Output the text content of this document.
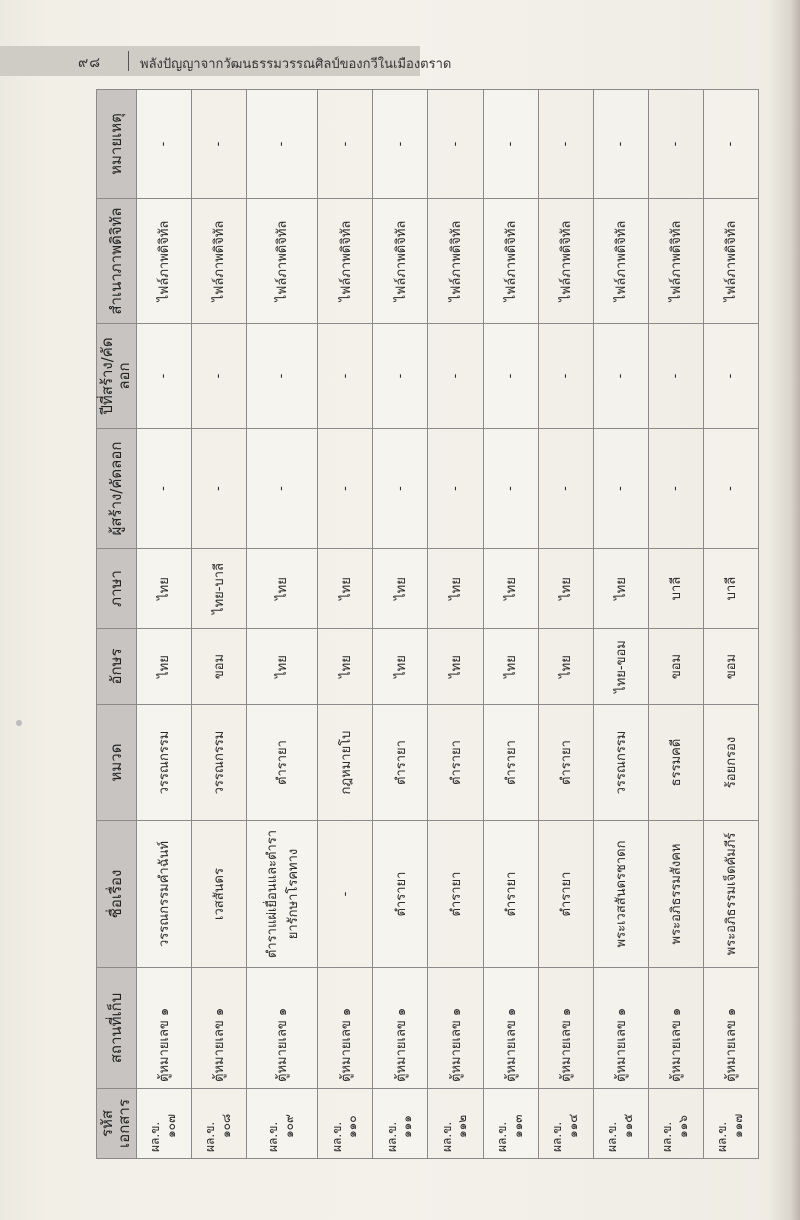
๙๘	พลังปัญญาจากวัฒนธรรมวรรณศิลป์ของกวีในเมืองตราด
รหัสเอกสาร	สถานที่เก็บ	ชื่อเรื่อง	หมวด	อักษร	ภาษา	ผู้สร้าง/คัดลอก	ปีที่สร้าง/คัดลอก	สำเนาภาพดิจิทัล	หมายเหตุ
ผล.ข. ๑๐๗	ตู้หมายเลข ๑	วรรณกรรมคำฉันท์	วรรณกรรม	ไทย	ไทย	-	-	ไฟล์ภาพดิจิทัล	-
ผล.ข. ๑๐๘	ตู้หมายเลข ๑	เวสสันดร	วรรณกรรม	ขอม	ไทย-บาลี	-	-	ไฟล์ภาพดิจิทัล	-
ผล.ข. ๑๐๙	ตู้หมายเลข ๑	ตำราแผ่เยื่อนและตำรายารักษาโรคทาง	ตำรายา	ไทย	ไทย	-	-	ไฟล์ภาพดิจิทัล	-
ผล.ข. ๑๑๐	ตู้หมายเลข ๑	-	กฎหมายโบ	ไทย	ไทย	-	-	ไฟล์ภาพดิจิทัล	-
ผล.ข. ๑๑๑	ตู้หมายเลข ๑	ตำรายา	ตำรายา	ไทย	ไทย	-	-	ไฟล์ภาพดิจิทัล	-
ผล.ข. ๑๑๒	ตู้หมายเลข ๑	ตำรายา	ตำรายา	ไทย	ไทย	-	-	ไฟล์ภาพดิจิทัล	-
ผล.ข. ๑๑๓	ตู้หมายเลข ๑	ตำรายา	ตำรายา	ไทย	ไทย	-	-	ไฟล์ภาพดิจิทัล	-
ผล.ข. ๑๑๔	ตู้หมายเลข ๑	ตำรายา	ตำรายา	ไทย	ไทย	-	-	ไฟล์ภาพดิจิทัล	-
ผล.ข. ๑๑๕	ตู้หมายเลข ๑	พระเวสสันดรชาดก	วรรณกรรม	ไทย-ขอม	ไทย	-	-	ไฟล์ภาพดิจิทัล	-
ผล.ข. ๑๑๖	ตู้หมายเลข ๑	พระอภิธรรมสังคห	ธรรมคดี	ขอม	บาลี	-	-	ไฟล์ภาพดิจิทัล	-
ผล.ข. ๑๑๗	ตู้หมายเลข ๑	พระอภิธรรมเจ็ดคัมภีร์	ร้อยกรอง	ขอม	บาลี	-	-	ไฟล์ภาพดิจิทัล	-
